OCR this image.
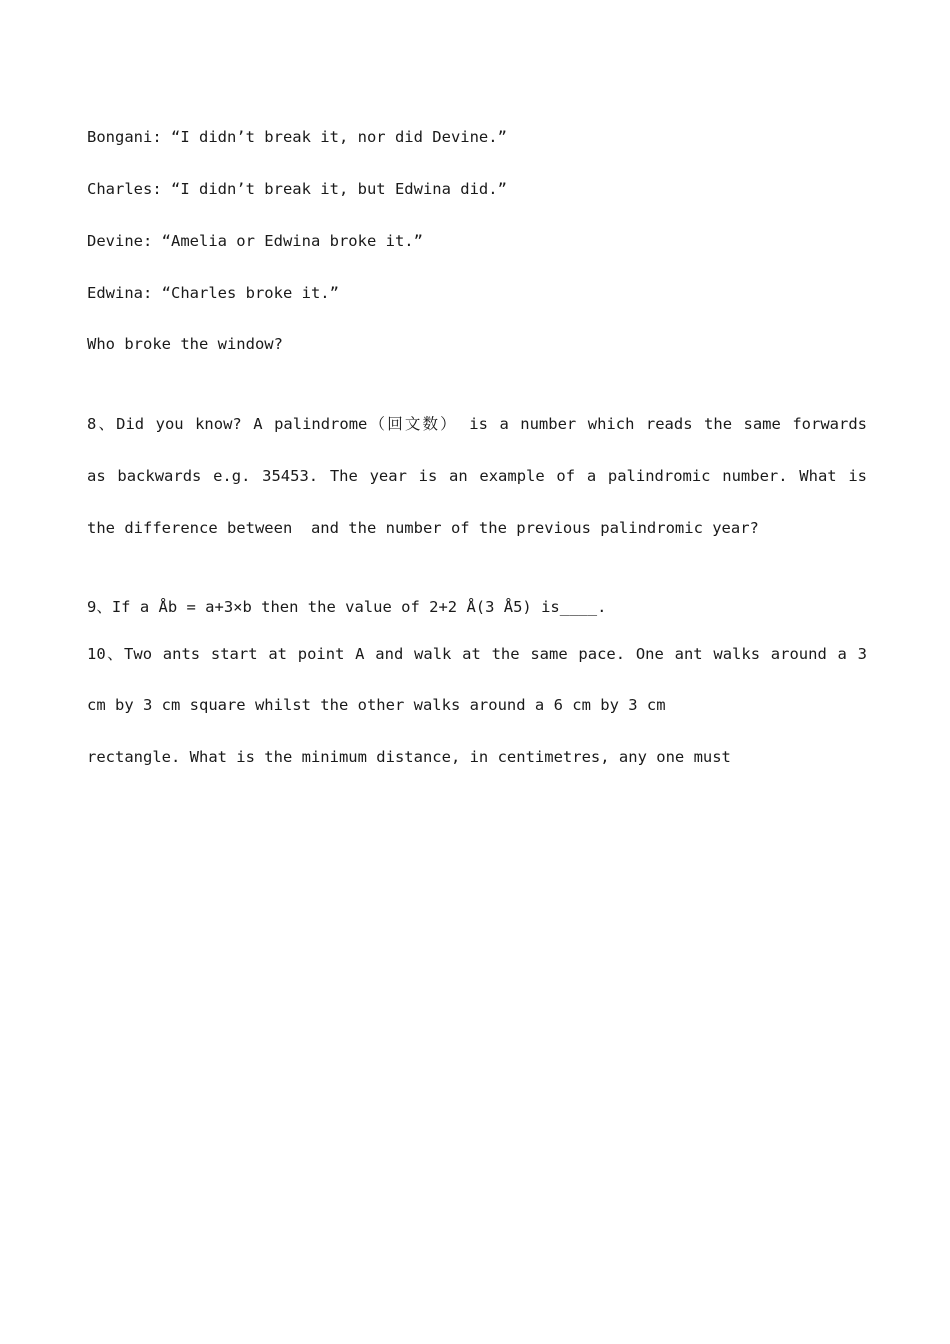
Bongani: “I didn’t break it, nor did Devine.”
Charles: “I didn’t break it, but Edwina did.”
Devine: “Amelia or Edwina broke it.”
Edwina: “Charles broke it.”
Who broke the window?
8、Did you know? A palindrome（回文数） is a number which reads the same forwards
as backwards e.g. 35453. The year is an example of a palindromic number. What is
the difference between  and the number of the previous palindromic year?
9、If a Åb = a+3×b then the value of 2+2 Å(3 Å5) is____.
10、Two ants start at point A and walk at the same pace. One ant walks around a 3
cm by 3 cm square whilst the other walks around a 6 cm by 3 cm
rectangle. What is the minimum distance, in centimetres, any one must
